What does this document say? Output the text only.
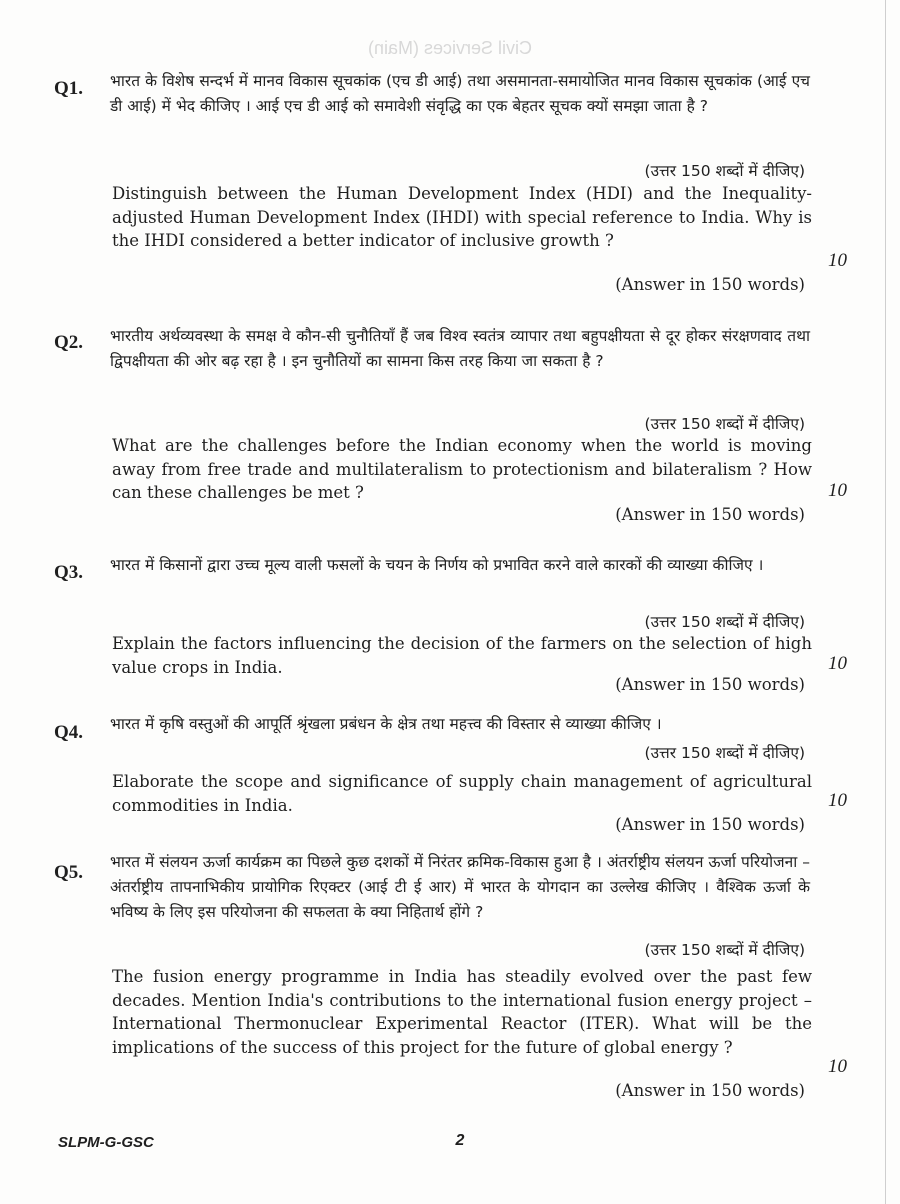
Civil Services (Main)
Q1. भारत के विशेष सन्दर्भ में मानव विकास सूचकांक (एच डी आई) तथा असमानता-समायोजित मानव विकास सूचकांक (आई एच डी आई) में भेद कीजिए । आई एच डी आई को समावेशी संवृद्धि का एक बेहतर सूचक क्यों समझा जाता है ?
(उत्तर 150 शब्दों में दीजिए)
Distinguish between the Human Development Index (HDI) and the Inequality-adjusted Human Development Index (IHDI) with special reference to India. Why is the IHDI considered a better indicator of inclusive growth ?
10
(Answer in 150 words)
Q2. भारतीय अर्थव्यवस्था के समक्ष वे कौन-सी चुनौतियाँ हैं जब विश्व स्वतंत्र व्यापार तथा बहुपक्षीयता से दूर होकर संरक्षणवाद तथा द्विपक्षीयता की ओर बढ़ रहा है । इन चुनौतियों का सामना किस तरह किया जा सकता है ?
(उत्तर 150 शब्दों में दीजिए)
What are the challenges before the Indian economy when the world is moving away from free trade and multilateralism to protectionism and bilateralism ? How can these challenges be met ?	10
(Answer in 150 words)
Q3. भारत में किसानों द्वारा उच्च मूल्य वाली फसलों के चयन के निर्णय को प्रभावित करने वाले कारकों की व्याख्या कीजिए ।
(उत्तर 150 शब्दों में दीजिए)
Explain the factors influencing the decision of the farmers on the selection of high value crops in India.	10
(Answer in 150 words)
Q4. भारत में कृषि वस्तुओं की आपूर्ति श्रृंखला प्रबंधन के क्षेत्र तथा महत्त्व की विस्तार से व्याख्या कीजिए ।
(उत्तर 150 शब्दों में दीजिए)
Elaborate the scope and significance of supply chain management of agricultural commodities in India.	10
(Answer in 150 words)
Q5. भारत में संलयन ऊर्जा कार्यक्रम का पिछले कुछ दशकों में निरंतर क्रमिक-विकास हुआ है । अंतर्राष्ट्रीय संलयन ऊर्जा परियोजना – अंतर्राष्ट्रीय तापनाभिकीय प्रायोगिक रिएक्टर (आई टी ई आर) में भारत के योगदान का उल्लेख कीजिए । वैश्विक ऊर्जा के भविष्य के लिए इस परियोजना की सफलता के क्या निहितार्थ होंगे ?
(उत्तर 150 शब्दों में दीजिए)
The fusion energy programme in India has steadily evolved over the past few decades. Mention India's contributions to the international fusion energy project – International Thermonuclear Experimental Reactor (ITER). What will be the implications of the success of this project for the future of global energy ?
10
(Answer in 150 words)
SLPM-G-GSC	2
